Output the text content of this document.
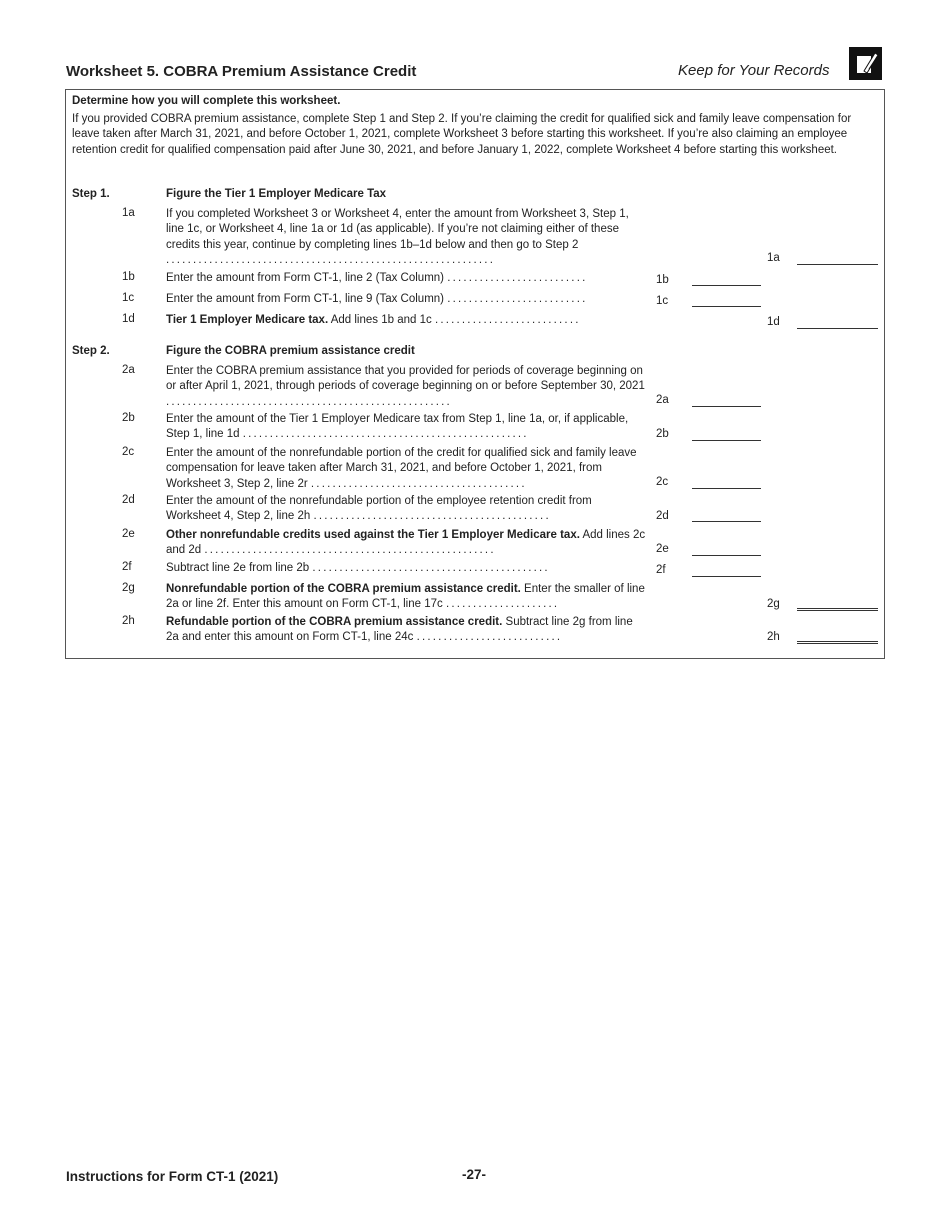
Worksheet 5. COBRA Premium Assistance Credit	Keep for Your Records
Determine how you will complete this worksheet.
If you provided COBRA premium assistance, complete Step 1 and Step 2. If you’re claiming the credit for qualified sick and family leave compensation for leave taken after March 31, 2021, and before October 1, 2021, complete Worksheet 3 before starting this worksheet. If you’re also claiming an employee retention credit for qualified compensation paid after June 30, 2021, and before January 1, 2022, complete Worksheet 4 before starting this worksheet.
Step 1.	Figure the Tier 1 Employer Medicare Tax
1a	If you completed Worksheet 3 or Worksheet 4, enter the amount from Worksheet 3, Step 1, line 1c, or Worksheet 4, line 1a or 1d (as applicable). If you’re not claiming either of these credits this year, continue by completing lines 1b–1d below and then go to Step 2 .............................................................	1a
1b	Enter the amount from Form CT-1, line 2 (Tax Column) ..........................	1b
1c	Enter the amount from Form CT-1, line 9 (Tax Column) ..........................	1c
1d	Tier 1 Employer Medicare tax. Add lines 1b and 1c ...........................	1d
Step 2.	Figure the COBRA premium assistance credit
2a	Enter the COBRA premium assistance that you provided for periods of coverage beginning on or after April 1, 2021, through periods of coverage beginning on or before September 30, 2021 .....................................................	2a
2b	Enter the amount of the Tier 1 Employer Medicare tax from Step 1, line 1a, or, if applicable, Step 1, line 1d .....................................................	2b
2c	Enter the amount of the nonrefundable portion of the credit for qualified sick and family leave compensation for leave taken after March 31, 2021, and before October 1, 2021, from Worksheet 3, Step 2, line 2r ........................................	2c
2d	Enter the amount of the nonrefundable portion of the employee retention credit from Worksheet 4, Step 2, line 2h ............................................	2d
2e	Other nonrefundable credits used against the Tier 1 Employer Medicare tax. Add lines 2c and 2d ......................................................	2e
2f	Subtract line 2e from line 2b ............................................	2f
2g	Nonrefundable portion of the COBRA premium assistance credit. Enter the smaller of line 2a or line 2f. Enter this amount on Form CT-1, line 17c .....................	2g
2h	Refundable portion of the COBRA premium assistance credit. Subtract line 2g from line 2a and enter this amount on Form CT-1, line 24c ...........................	2h
Instructions for Form CT-1 (2021)	-27-
